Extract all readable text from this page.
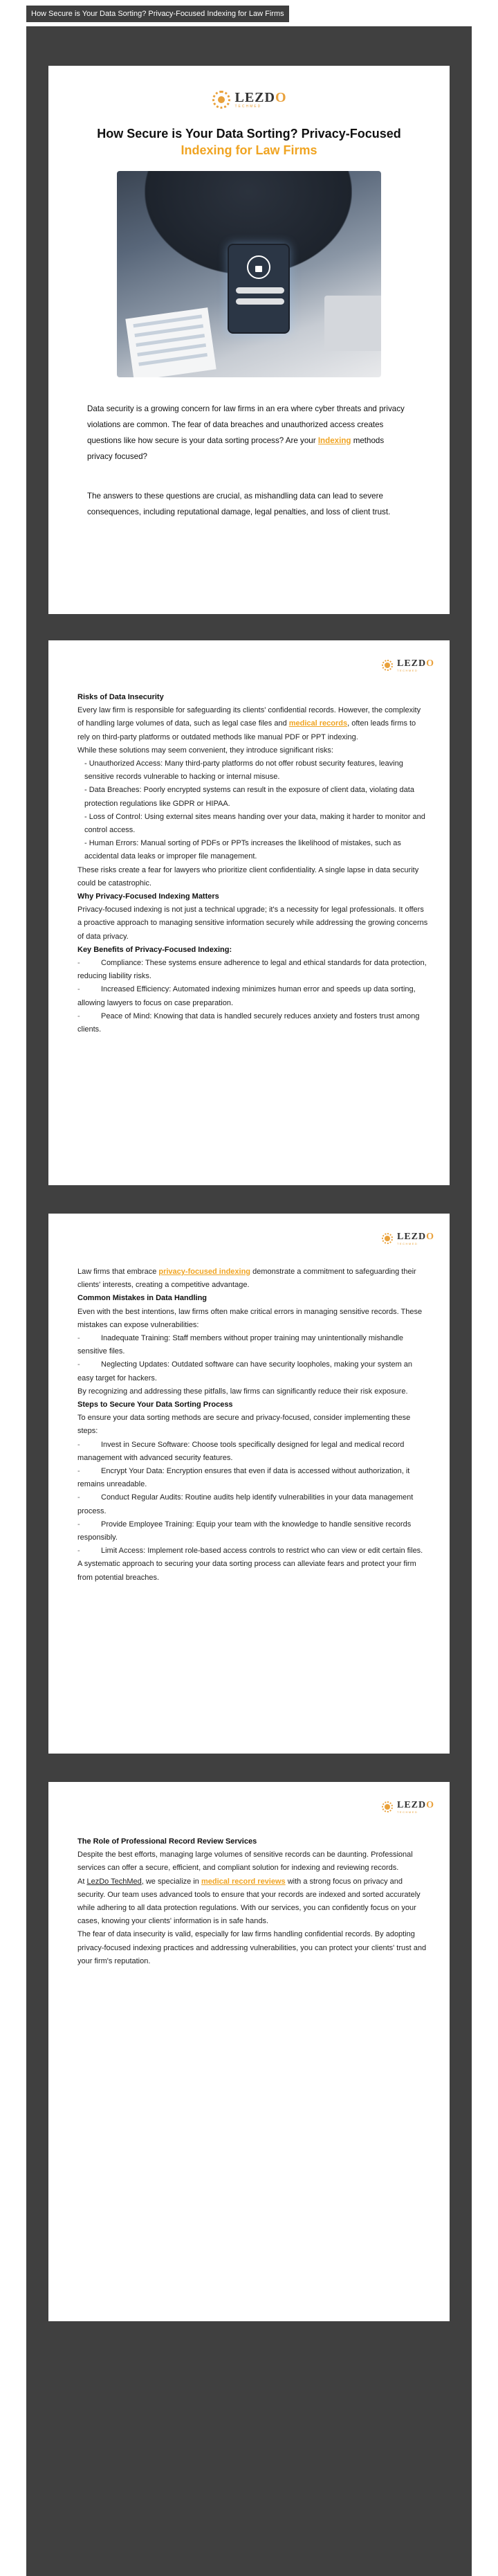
How Secure is Your Data Sorting? Privacy-Focused Indexing for Law Firms
LEZDO
TECHMED
How Secure is Your Data Sorting? Privacy-Focused Indexing for Law Firms
Data security is a growing concern for law firms in an era where cyber threats and privacy violations are common. The fear of data breaches and unauthorized access creates questions like how secure is your data sorting process? Are your Indexing methods privacy focused?
The answers to these questions are crucial, as mishandling data can lead to severe consequences, including reputational damage, legal penalties, and loss of client trust.
LEZDO
TECHMED
Risks of Data Insecurity
Every law firm is responsible for safeguarding its clients' confidential records. However, the complexity of handling large volumes of data, such as legal case files and medical records, often leads firms to rely on third-party platforms or outdated methods like manual PDF or PPT indexing.
While these solutions may seem convenient, they introduce significant risks:
- Unauthorized Access: Many third-party platforms do not offer robust security features, leaving sensitive records vulnerable to hacking or internal misuse.
- Data Breaches: Poorly encrypted systems can result in the exposure of client data, violating data protection regulations like GDPR or HIPAA.
- Loss of Control: Using external sites means handing over your data, making it harder to monitor and control access.
- Human Errors: Manual sorting of PDFs or PPTs increases the likelihood of mistakes, such as accidental data leaks or improper file management.
These risks create a fear for lawyers who prioritize client confidentiality. A single lapse in data security could be catastrophic.
Why Privacy-Focused Indexing Matters
Privacy-focused indexing is not just a technical upgrade; it's a necessity for legal professionals. It offers a proactive approach to managing sensitive information securely while addressing the growing concerns of data privacy.
Key Benefits of Privacy-Focused Indexing:
- Compliance: These systems ensure adherence to legal and ethical standards for data protection, reducing liability risks.
- Increased Efficiency: Automated indexing minimizes human error and speeds up data sorting, allowing lawyers to focus on case preparation.
- Peace of Mind: Knowing that data is handled securely reduces anxiety and fosters trust among clients.
LEZDO
TECHMED
Law firms that embrace privacy-focused indexing demonstrate a commitment to safeguarding their clients' interests, creating a competitive advantage.
Common Mistakes in Data Handling
Even with the best intentions, law firms often make critical errors in managing sensitive records. These mistakes can expose vulnerabilities:
- Inadequate Training: Staff members without proper training may unintentionally mishandle sensitive files.
- Neglecting Updates: Outdated software can have security loopholes, making your system an easy target for hackers.
By recognizing and addressing these pitfalls, law firms can significantly reduce their risk exposure.
Steps to Secure Your Data Sorting Process
To ensure your data sorting methods are secure and privacy-focused, consider implementing these steps:
- Invest in Secure Software: Choose tools specifically designed for legal and medical record management with advanced security features.
- Encrypt Your Data: Encryption ensures that even if data is accessed without authorization, it remains unreadable.
- Conduct Regular Audits: Routine audits help identify vulnerabilities in your data management process.
- Provide Employee Training: Equip your team with the knowledge to handle sensitive records responsibly.
- Limit Access: Implement role-based access controls to restrict who can view or edit certain files.
A systematic approach to securing your data sorting process can alleviate fears and protect your firm from potential breaches.
LEZDO
TECHMED
The Role of Professional Record Review Services
Despite the best efforts, managing large volumes of sensitive records can be daunting. Professional services can offer a secure, efficient, and compliant solution for indexing and reviewing records.
At LezDo TechMed, we specialize in medical record reviews with a strong focus on privacy and security. Our team uses advanced tools to ensure that your records are indexed and sorted accurately while adhering to all data protection regulations. With our services, you can confidently focus on your cases, knowing your clients' information is in safe hands.
The fear of data insecurity is valid, especially for law firms handling confidential records. By adopting privacy-focused indexing practices and addressing vulnerabilities, you can protect your clients' trust and your firm's reputation.
